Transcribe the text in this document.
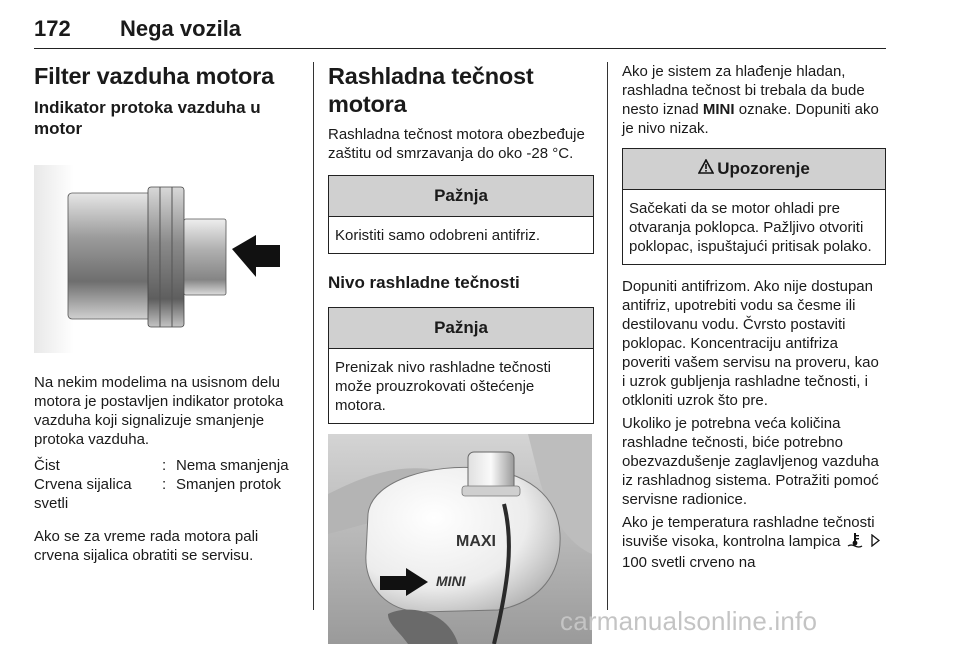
172 Nega vozila
Filter vazduha motora
Indikator protoka vazduha u motor

Na nekim modelima na usisnom delu motora je postavljen indikator protoka vazduha koji signalizuje smanjenje protoka vazduha.

Čist	: Nema smanjenja
Crvena sijalica svetli
: Smanjen protok

Ako se za vreme rada motora pali crvena sijalica obratiti se servisu.

Rashladna tečnost motora

Rashladna tečnost motora obezbeđuje zaštitu od smrzavanja do oko -28 °C.

Pažnja
Koristiti samo odobreni antifriz.
Nivo rashladne tečnosti
Pažnja
Prenizak nivo rashladne tečnosti može prouzrokovati oštećenje motora.
MAXI
MINI

Ako je sistem za hlađenje hladan, rashladna tečnost bi trebala da bude nesto iznad MINI oznake. Dopuniti ako je nivo nizak.

Upozorenje
Sačekati da se motor ohladi pre otvaranja poklopca. Pažljivo otvoriti poklopac, ispuštajući pritisak polako.

Dopuniti antifrizom. Ako nije dostupan antifriz, upotrebiti vodu sa česme ili destilovanu vodu. Čvrsto postaviti poklopac. Koncentraciju antifriza poveriti vašem servisu na proveru, kao i uzrok gubljenja rashladne tečnosti, i otkloniti uzrok što pre.

Ukoliko je potrebna veća količina rashladne tečnosti, biće potrebno obezvazdušenje zaglavljenog vazduha iz rashladnog sistema. Potražiti pomoć servisne radionice.

Ako je temperatura rashladne tečnosti isuviše visoka, kontrolna lampica  100 svetli crveno na

carmanualsonline.info
